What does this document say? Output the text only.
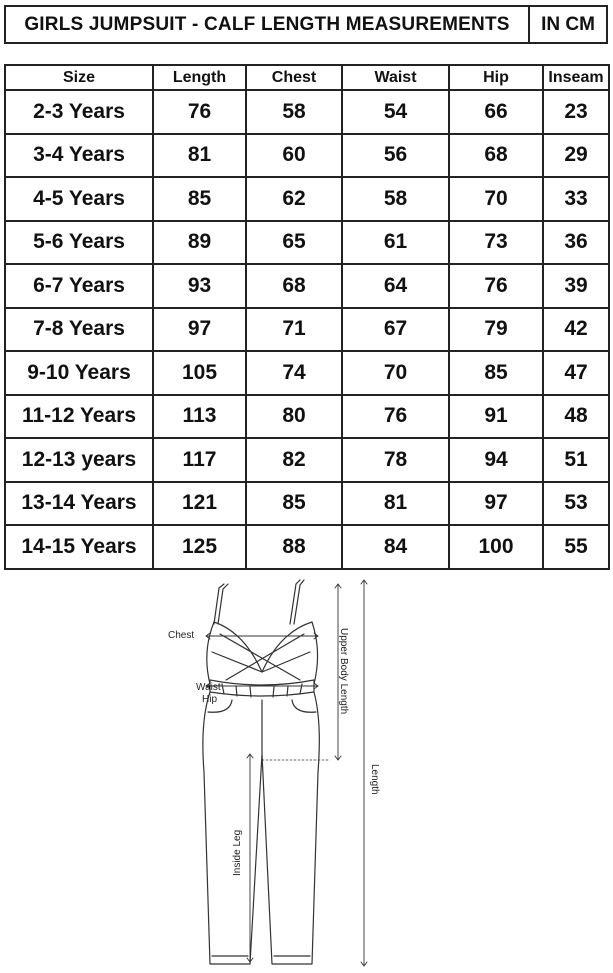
GIRLS JUMPSUIT - CALF LENGTH MEASUREMENTS	IN CM
Size	Length	Chest	Waist	Hip	Inseam
2-3 Years	76	58	54	66	23
3-4 Years	81	60	56	68	29
4-5 Years	85	62	58	70	33
5-6 Years	89	65	61	73	36
6-7 Years	93	68	64	76	39
7-8 Years	97	71	67	79	42
9-10 Years	105	74	70	85	47
11-12 Years	113	80	76	91	48
12-13 years	117	82	78	94	51
13-14 Years	121	85	81	97	53
14-15 Years	125	88	84	100	55
Chest
Waist
Hip	Upper Body Length
Length
Inside Leg
